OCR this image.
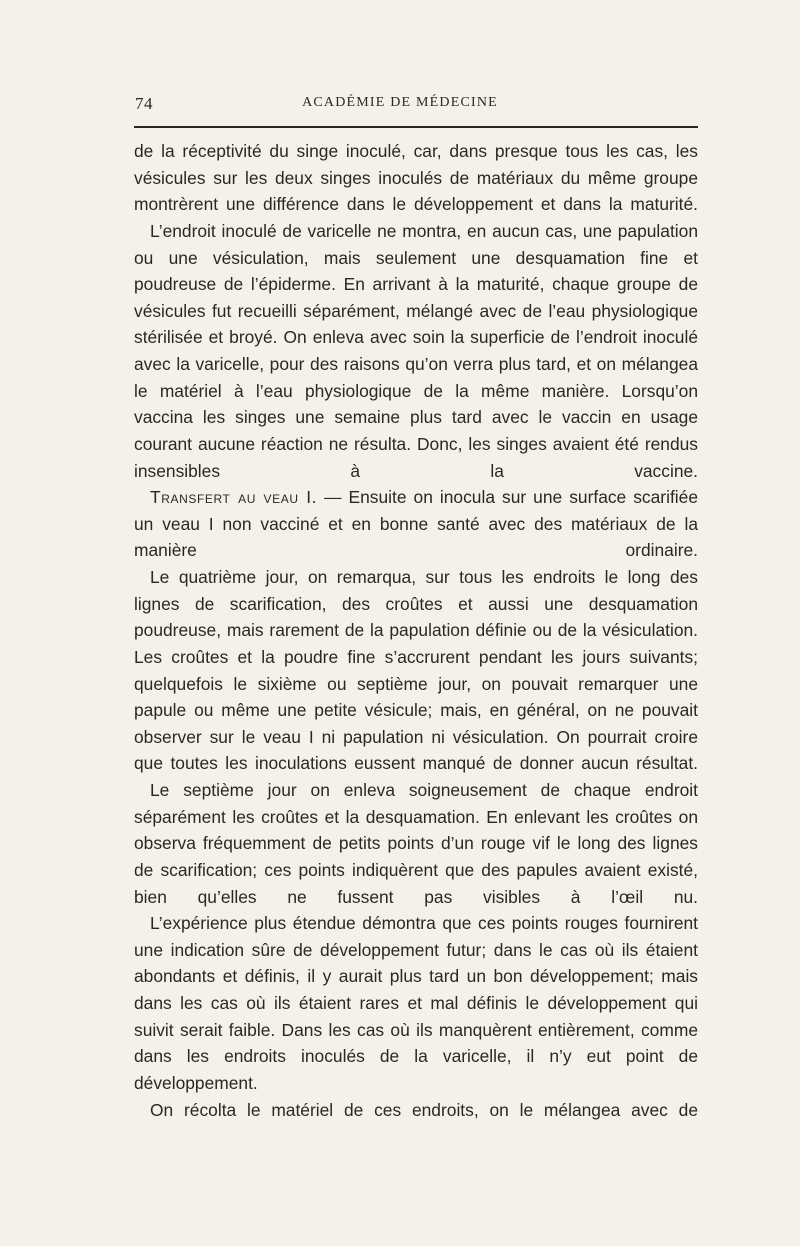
74	ACADÉMIE DE MÉDECINE

de la réceptivité du singe inoculé, car, dans presque tous les cas, les vésicules sur les deux singes inoculés de matériaux du même groupe montrèrent une différence dans le développement et dans la maturité.

L’endroit inoculé de varicelle ne montra, en aucun cas, une papulation ou une vésiculation, mais seulement une desquamation fine et poudreuse de l’épiderme. En arrivant à la maturité, chaque groupe de vésicules fut recueilli séparément, mélangé avec de l’eau physiologique stérilisée et broyé. On enleva avec soin la superficie de l’endroit inoculé avec la varicelle, pour des raisons qu’on verra plus tard, et on mélangea le matériel à l’eau physiologique de la même manière. Lorsqu’on vaccina les singes une semaine plus tard avec le vaccin en usage courant aucune réaction ne résulta. Donc, les singes avaient été rendus insensibles à la vaccine.

Transfert au veau I. — Ensuite on inocula sur une surface scarifiée un veau I non vacciné et en bonne santé avec des matériaux de la manière ordinaire.

Le quatrième jour, on remarqua, sur tous les endroits le long des lignes de scarification, des croûtes et aussi une desquamation poudreuse, mais rarement de la papulation définie ou de la vésiculation. Les croûtes et la poudre fine s’accrurent pendant les jours suivants; quelquefois le sixième ou septième jour, on pouvait remarquer une papule ou même une petite vésicule; mais, en général, on ne pouvait observer sur le veau I ni papulation ni vésiculation. On pourrait croire que toutes les inoculations eussent manqué de donner aucun résultat.

Le septième jour on enleva soigneusement de chaque endroit séparément les croûtes et la desquamation. En enlevant les croûtes on observa fréquemment de petits points d’un rouge vif le long des lignes de scarification; ces points indiquèrent que des papules avaient existé, bien qu’elles ne fussent pas visibles à l’œil nu.

L’expérience plus étendue démontra que ces points rouges fournirent une indication sûre de développement futur; dans le cas où ils étaient abondants et définis, il y aurait plus tard un bon développement; mais dans les cas où ils étaient rares et mal définis le développement qui suivit serait faible. Dans les cas où ils manquèrent entièrement, comme dans les endroits inoculés de la varicelle, il n’y eut point de développement.

On récolta le matériel de ces endroits, on le mélangea avec de
